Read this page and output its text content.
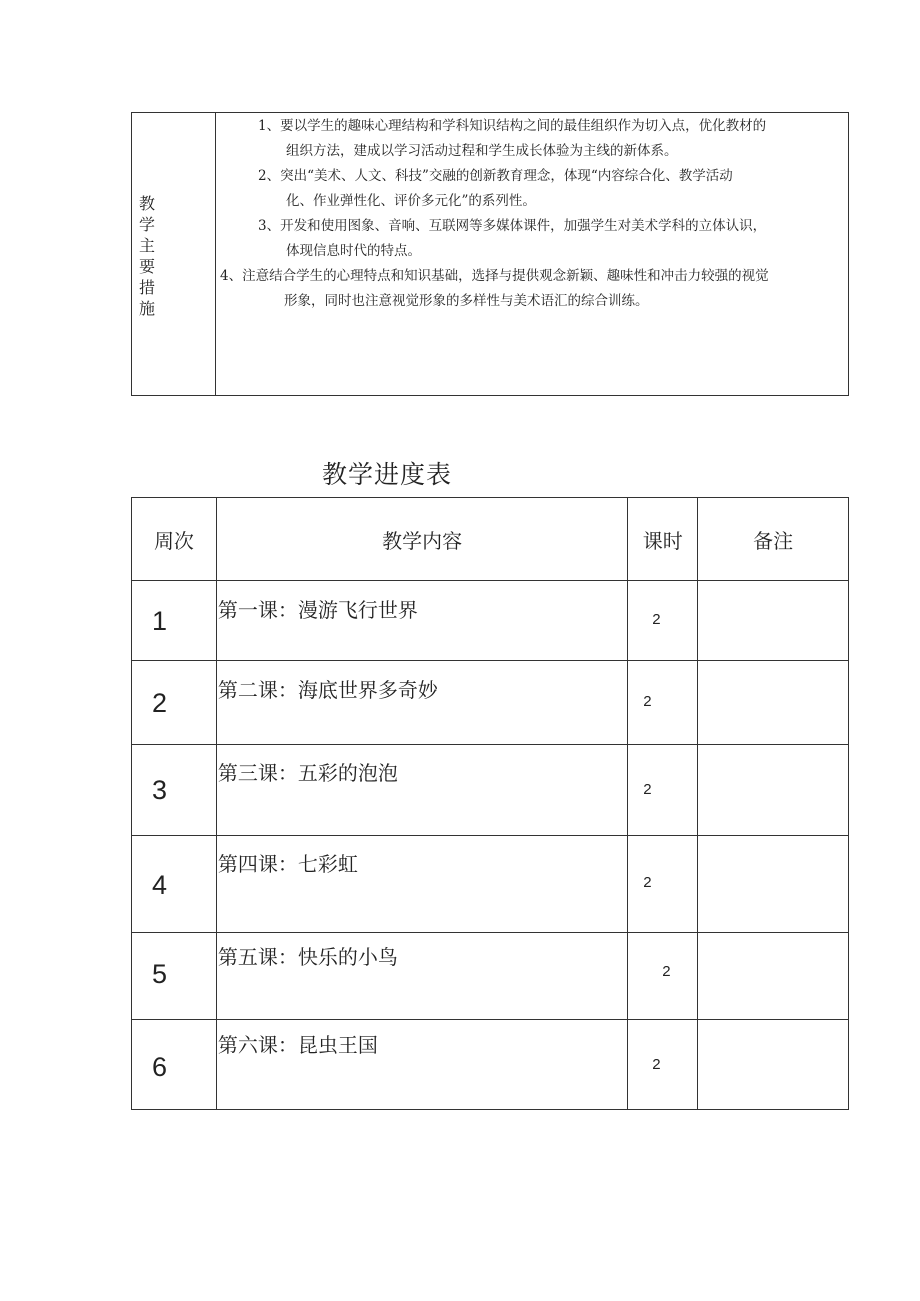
教学主要措施
1、要以学生的趣味心理结构和学科知识结构之间的最佳组织作为切入点，优化教材的
组织方法，建成以学习活动过程和学生成长体验为主线的新体系。
2、突出“美术、人文、科技”交融的创新教育理念，体现“内容综合化、教学活动
化、作业弹性化、评价多元化”的系列性。
3、开发和使用图象、音响、互联网等多媒体课件，加强学生对美术学科的立体认识，
体现信息时代的特点。
4、注意结合学生的心理特点和知识基础，选择与提供观念新颖、趣味性和冲击力较强的视觉
形象，同时也注意视觉形象的多样性与美术语汇的综合训练。
教学进度表
周次	教学内容	课时	备注

1	第一课：漫游飞行世界	2	

2	第二课：海底世界多奇妙	2	

3	第三课：五彩的泡泡	2	

4	第四课：七彩虹	2	

5	第五课：快乐的小鸟	2	

6	第六课：昆虫王国	2	
